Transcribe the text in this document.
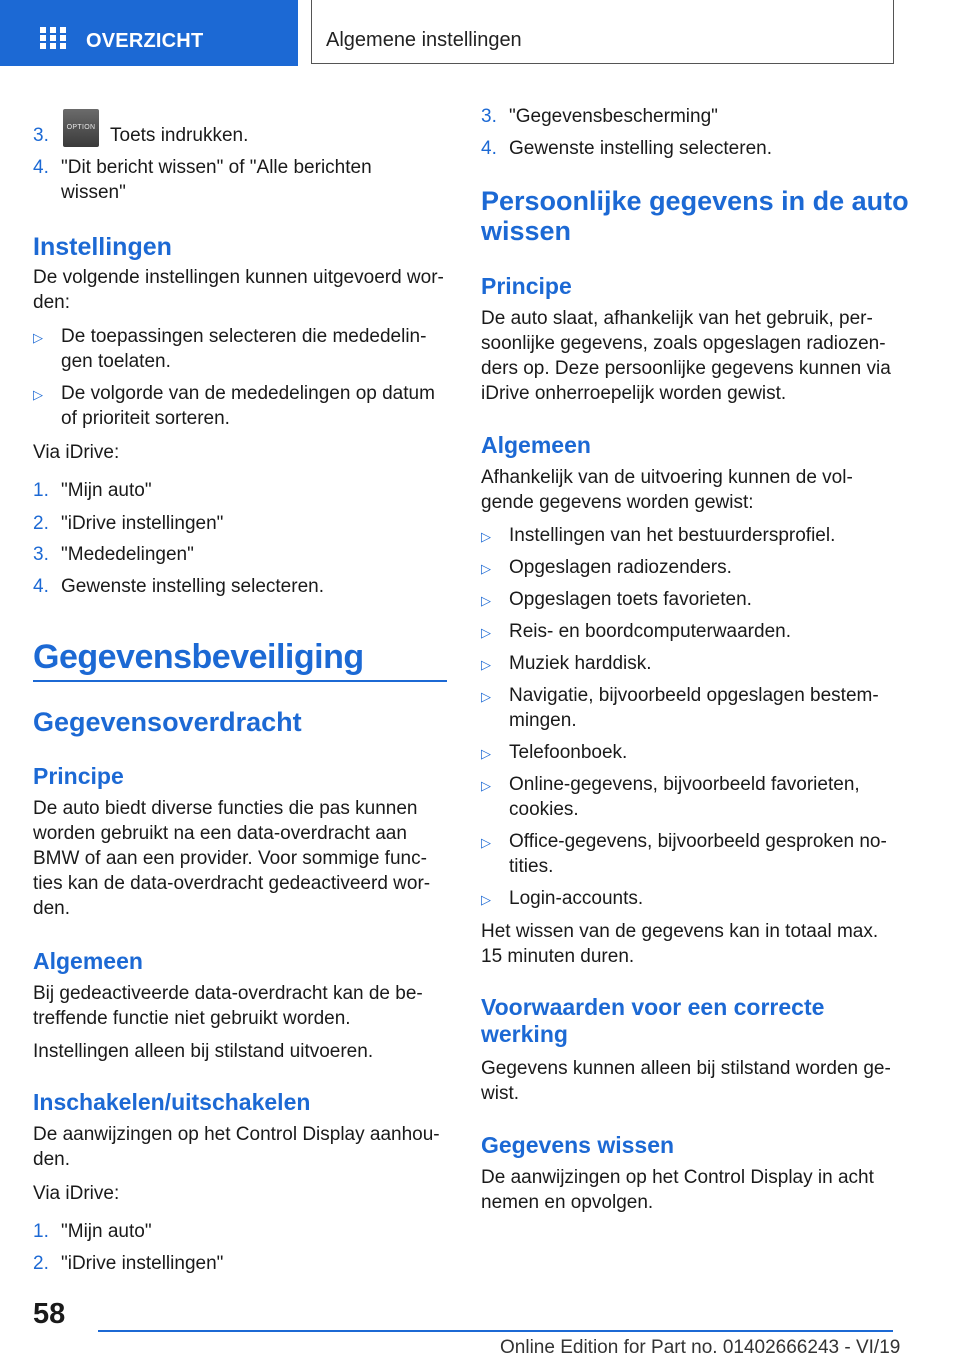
OVERZICHT	Algemene instellingen
3.	OPTION Toets indrukken.
4. "Dit bericht wissen" of "Alle berichten
wissen"
Instellingen
De volgende instellingen kunnen uitgevoerd wor-
den:
▷ De toepassingen selecteren die mededelin-
gen toelaten.
▷ De volgorde van de mededelingen op datum
of prioriteit sorteren.
Via iDrive:
1. "Mijn auto"
2. "iDrive instellingen"
3. "Mededelingen"
4. Gewenste instelling selecteren.
Gegevensbeveiliging
Gegevensoverdracht
Principe
De auto biedt diverse functies die pas kunnen
worden gebruikt na een data-overdracht aan
BMW of aan een provider. Voor sommige func-
ties kan de data-overdracht gedeactiveerd wor-
den.
Algemeen
Bij gedeactiveerde data-overdracht kan de be-
treffende functie niet gebruikt worden.
Instellingen alleen bij stilstand uitvoeren.
Inschakelen/uitschakelen
De aanwijzingen op het Control Display aanhou-
den.
Via iDrive:
1. "Mijn auto"
2. "iDrive instellingen"
3. "Gegevensbescherming"
4. Gewenste instelling selecteren.
Persoonlijke gegevens in de auto
wissen
Principe
De auto slaat, afhankelijk van het gebruik, per-
soonlijke gegevens, zoals opgeslagen radiozen-
ders op. Deze persoonlijke gegevens kunnen via
iDrive onherroepelijk worden gewist.
Algemeen
Afhankelijk van de uitvoering kunnen de vol-
gende gegevens worden gewist:
▷ Instellingen van het bestuurdersprofiel.
▷ Opgeslagen radiozenders.
▷ Opgeslagen toets favorieten.
▷ Reis- en boordcomputerwaarden.
▷ Muziek harddisk.
▷ Navigatie, bijvoorbeeld opgeslagen bestem-
mingen.
▷ Telefoonboek.
▷ Online-gegevens, bijvoorbeeld favorieten,
cookies.
▷ Office-gegevens, bijvoorbeeld gesproken no-
tities.
▷ Login-accounts.
Het wissen van de gegevens kan in totaal max.
15 minuten duren.
Voorwaarden voor een correcte
werking
Gegevens kunnen alleen bij stilstand worden ge-
wist.
Gegevens wissen
De aanwijzingen op het Control Display in acht
nemen en opvolgen.
58
Online Edition for Part no. 01402666243 - VI/19
